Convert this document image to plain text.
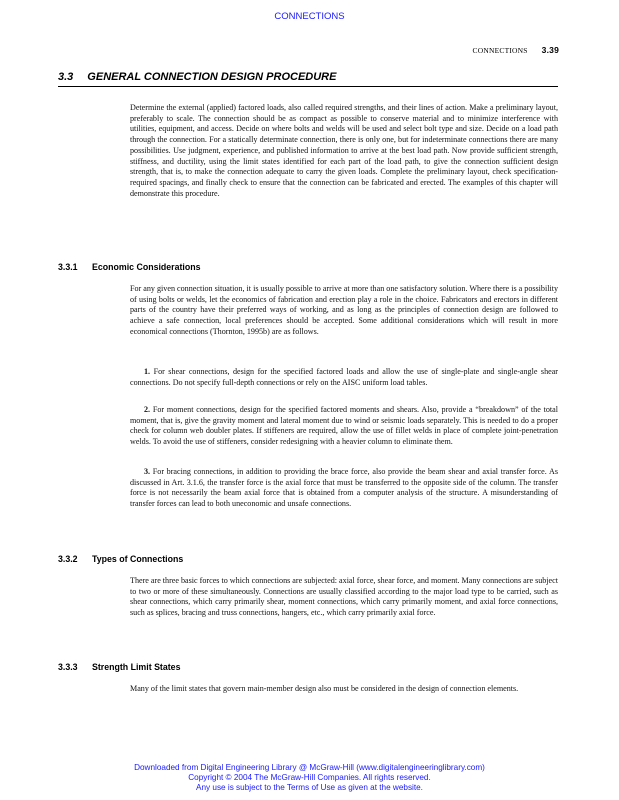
CONNECTIONS
CONNECTIONS 3.39
3.3 GENERAL CONNECTION DESIGN PROCEDURE

Determine the external (applied) factored loads, also called required strengths, and their lines of action. Make a preliminary layout, preferably to scale. The connection should be as compact as possible to conserve material and to minimize interference with utilities, equipment, and access. Decide on where bolts and welds will be used and select bolt type and size. Decide on a load path through the connection. For a statically determinate connection, there is only one, but for indeterminate connections there are many possibilities. Use judgment, experience, and published information to arrive at the best load path. Now provide sufficient strength, stiffness, and ductility, using the limit states identified for each part of the load path, to give the connection sufficient design strength, that is, to make the connection adequate to carry the given loads. Complete the preliminary layout, check specification-required spacings, and finally check to ensure that the connection can be fabricated and erected. The examples of this chapter will demonstrate this procedure.

3.3.1 Economic Considerations

For any given connection situation, it is usually possible to arrive at more than one satisfactory solution. Where there is a possibility of using bolts or welds, let the economics of fabrication and erection play a role in the choice. Fabricators and erectors in different parts of the country have their preferred ways of working, and as long as the principles of connection design are followed to achieve a safe connection, local preferences should be accepted. Some additional considerations which will result in more economical connections (Thornton, 1995b) are as follows.

1. For shear connections, design for the specified factored loads and allow the use of single-plate and single-angle shear connections. Do not specify full-depth connections or rely on the AISC uniform load tables.

2. For moment connections, design for the specified factored moments and shears. Also, provide a “breakdown” of the total moment, that is, give the gravity moment and lateral moment due to wind or seismic loads separately. This is needed to do a proper check for column web doubler plates. If stiffeners are required, allow the use of fillet welds in place of complete joint-penetration welds. To avoid the use of stiffeners, consider redesigning with a heavier column to eliminate them.

3. For bracing connections, in addition to providing the brace force, also provide the beam shear and axial transfer force. As discussed in Art. 3.1.6, the transfer force is the axial force that must be transferred to the opposite side of the column. The transfer force is not necessarily the beam axial force that is obtained from a computer analysis of the structure. A misunderstanding of transfer forces can lead to both uneconomic and unsafe connections.

3.3.2 Types of Connections

There are three basic forces to which connections are subjected: axial force, shear force, and moment. Many connections are subject to two or more of these simultaneously. Connections are usually classified according to the major load type to be carried, such as shear connections, which carry primarily shear, moment connections, which carry primarily moment, and axial force connections, such as splices, bracing and truss connections, hangers, etc., which carry primarily axial force.

3.3.3 Strength Limit States

Many of the limit states that govern main-member design also must be considered in the design of connection elements.

Downloaded from Digital Engineering Library @ McGraw-Hill (www.digitalengineeringlibrary.com)
Copyright © 2004 The McGraw-Hill Companies. All rights reserved.
Any use is subject to the Terms of Use as given at the website.
